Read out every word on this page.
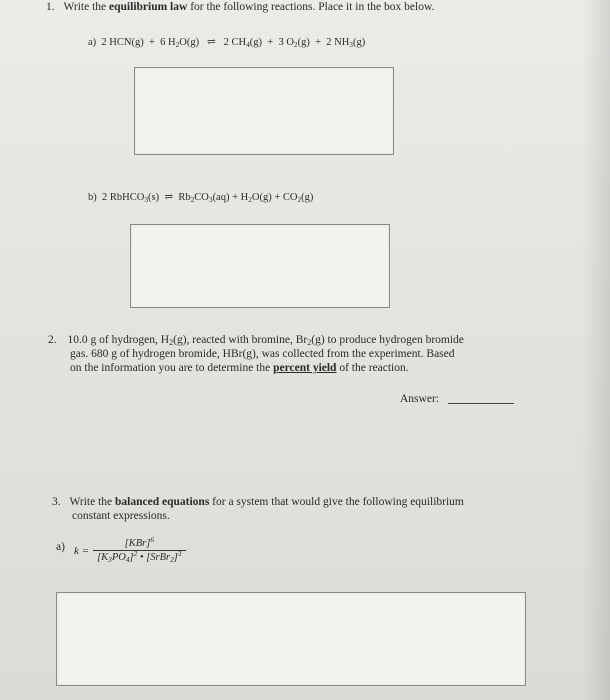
1. Write the equilibrium law for the following reactions. Place it in the box below.
a)  2 HCN(g)  +  6 $H_2O(g)$   ⇌   2 $CH_4(g) + 3$ $O_2(g) + 2$ $NH_3(g)$
b)  2 RbHCO$_3$(s)  ⇌  $Rb_2CO_3(aq) + H_2O(g) + CO_2(g)$
2. 10.0 g of hydrogen, $H_2(g)$, reacted with bromine, $Br_2(g)$ to produce hydrogen bromide
gas. 680 g of hydrogen bromide, HBr(g), was collected from the experiment. Based
on the information you are to determine the percent yield of the reaction.
Answer:
3. Write the balanced equations for a system that would give the following equilibrium
constant expressions.
a) $k = \frac{[KBr]^6}{[K_3PO_4]^2 • [SrBr_2]^3}$
